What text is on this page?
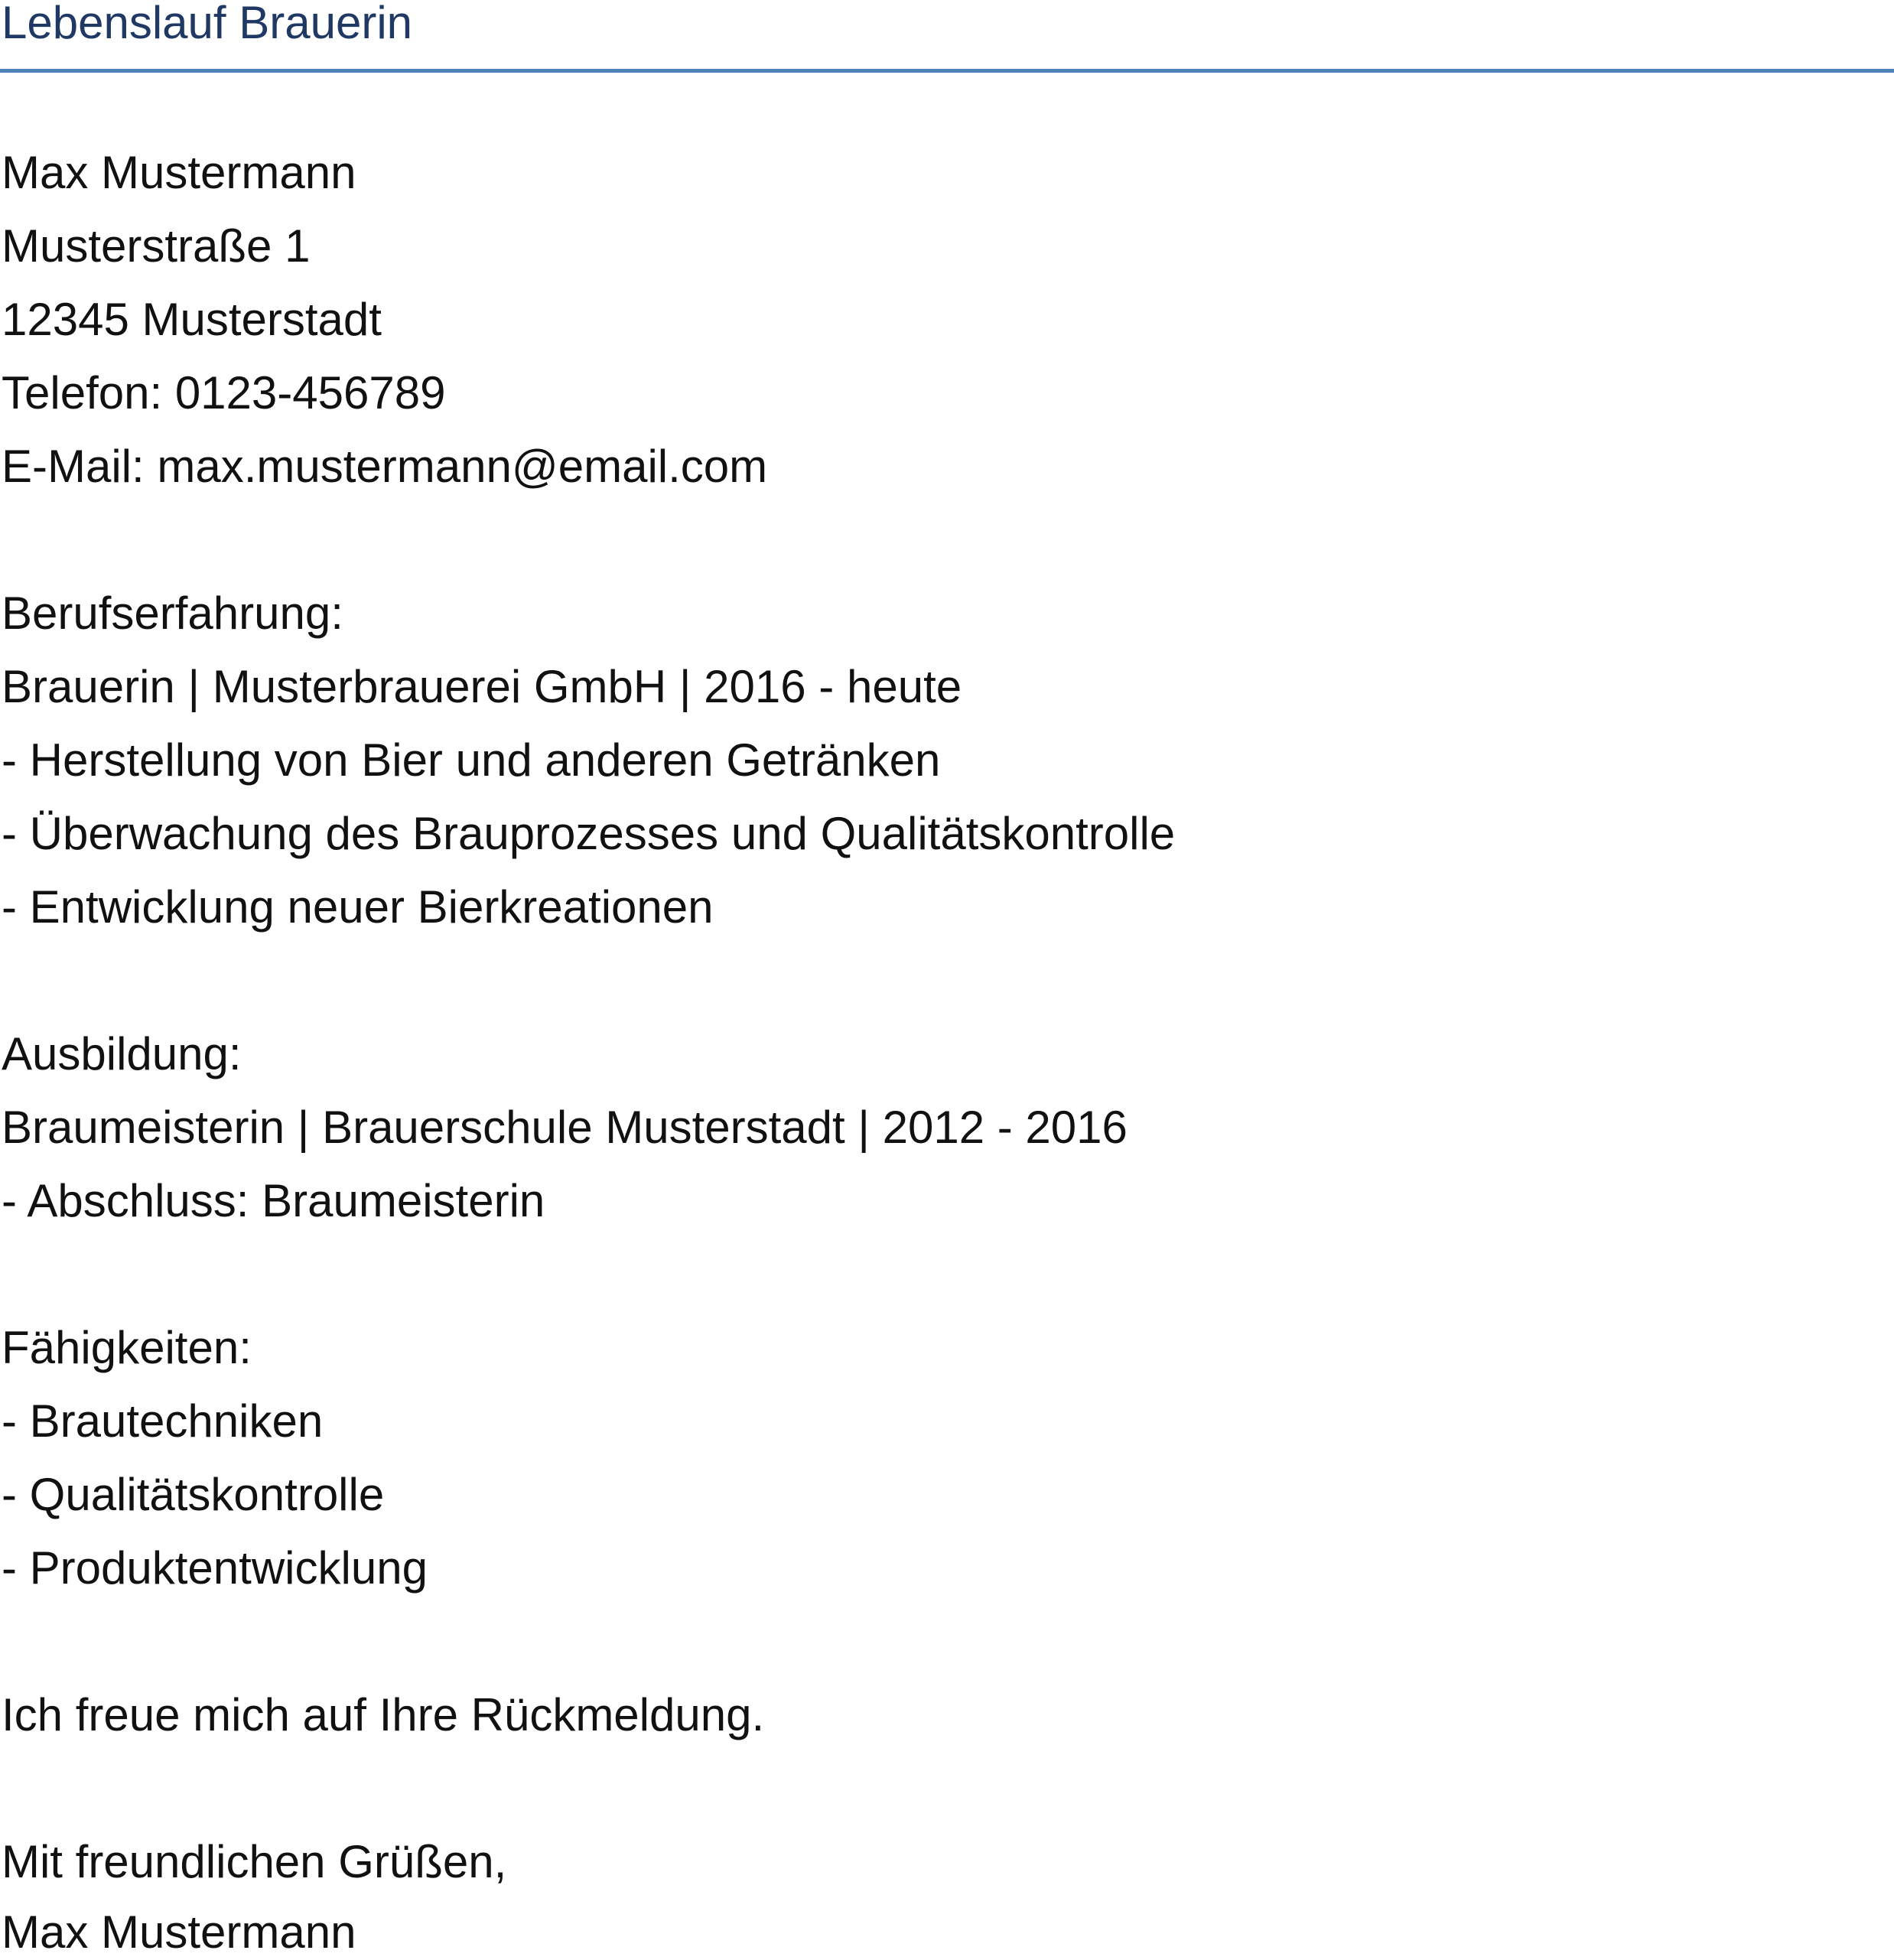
Lebenslauf Brauerin

Max Mustermann

Musterstraße 1

12345 Musterstadt

Telefon: 0123-456789

E-Mail: max.mustermann@email.com

Berufserfahrung:

Brauerin | Musterbrauerei GmbH | 2016 - heute

- Herstellung von Bier und anderen Getränken

- Überwachung des Brauprozesses und Qualitätskontrolle

- Entwicklung neuer Bierkreationen

Ausbildung:

Braumeisterin | Brauerschule Musterstadt | 2012 - 2016

- Abschluss: Braumeisterin

Fähigkeiten:

- Brautechniken

- Qualitätskontrolle

- Produktentwicklung

Ich freue mich auf Ihre Rückmeldung.

Mit freundlichen Grüßen,

Max Mustermann
